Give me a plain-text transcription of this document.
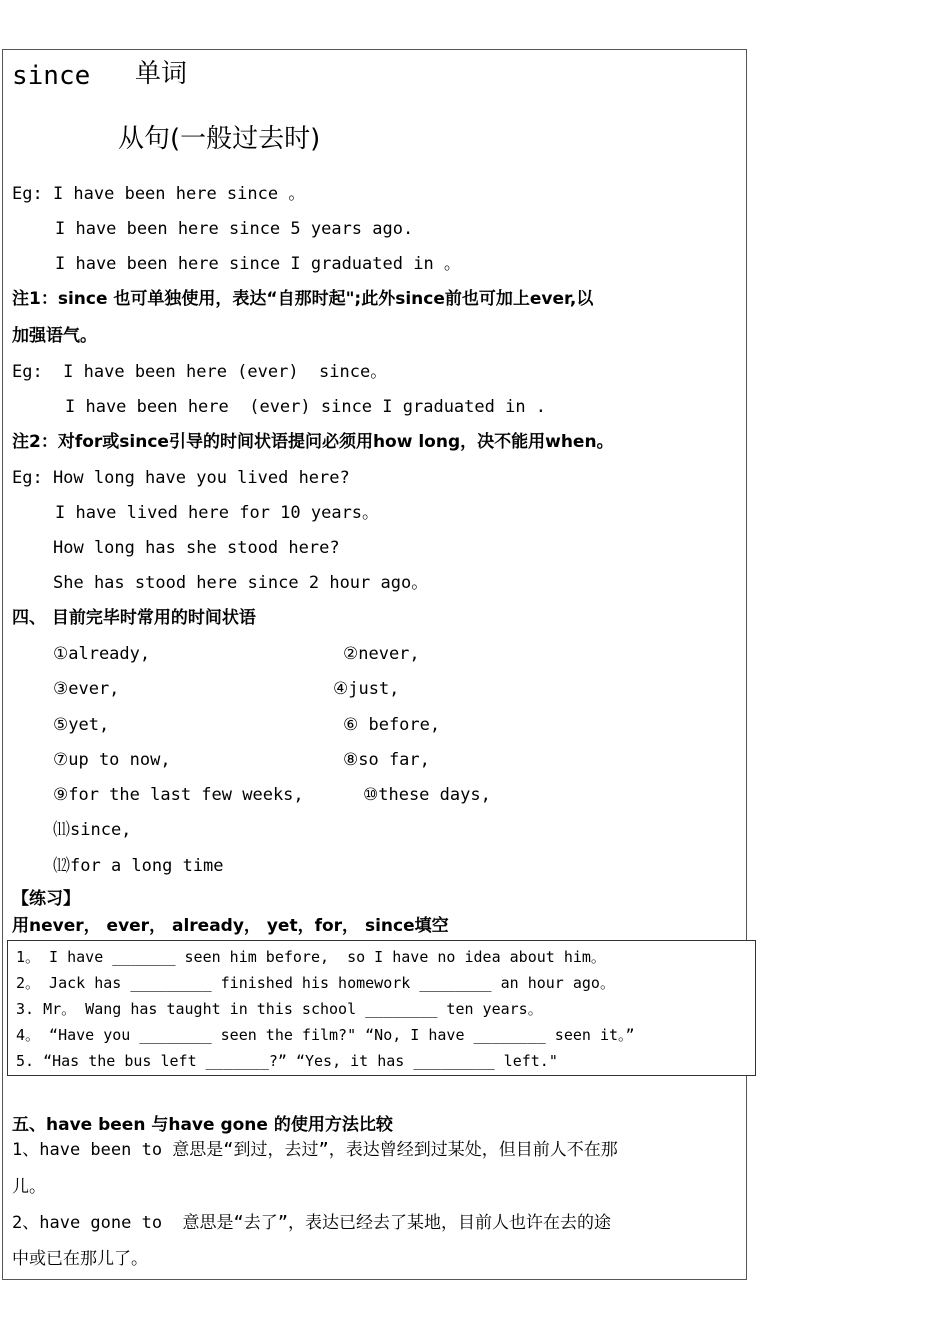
since 单词
从句(一般过去时)
Eg: I have been here since 。
I have been here since 5 years ago.
I have been here since I graduated in 。
注1：since 也可单独使用，表达“自那时起";此外since前也可加上ever,以
加强语气。
Eg:  I have been here (ever)  since。
I have been here  (ever) since I graduated in .
注2：对for或since引导的时间状语提问必须用how long，决不能用when。
Eg: How long have you lived here?
I have lived here for 10 years。
How long has she stood here?
She has stood here since 2 hour ago。
四、 目前完毕时常用的时间状语
①already,	②never,
③ever,	④just,
⑤yet,	⑥ before,
⑦up to now,	⑧so far,
⑨for the last few weeks,	⑩these days,
⑾since,
⑿for a long time
【练习】
用never， ever， already， yet，for， since填空
1。 I have _______ seen him before,  so I have no idea about him。
2。 Jack has _________ finished his homework ________ an hour ago。
3. Mr。 Wang has taught in this school ________ ten years。
4。 “Have you ________ seen the film?" “No, I have ________ seen it。”
5. “Has the bus left _______?” “Yes, it has _________ left."
五、have been 与have gone 的使用方法比较
1、have been to 意思是“到过，去过”，表达曾经到过某处，但目前人不在那
儿。
2、have gone to  意思是“去了”，表达已经去了某地，目前人也许在去的途
中或已在那儿了。
